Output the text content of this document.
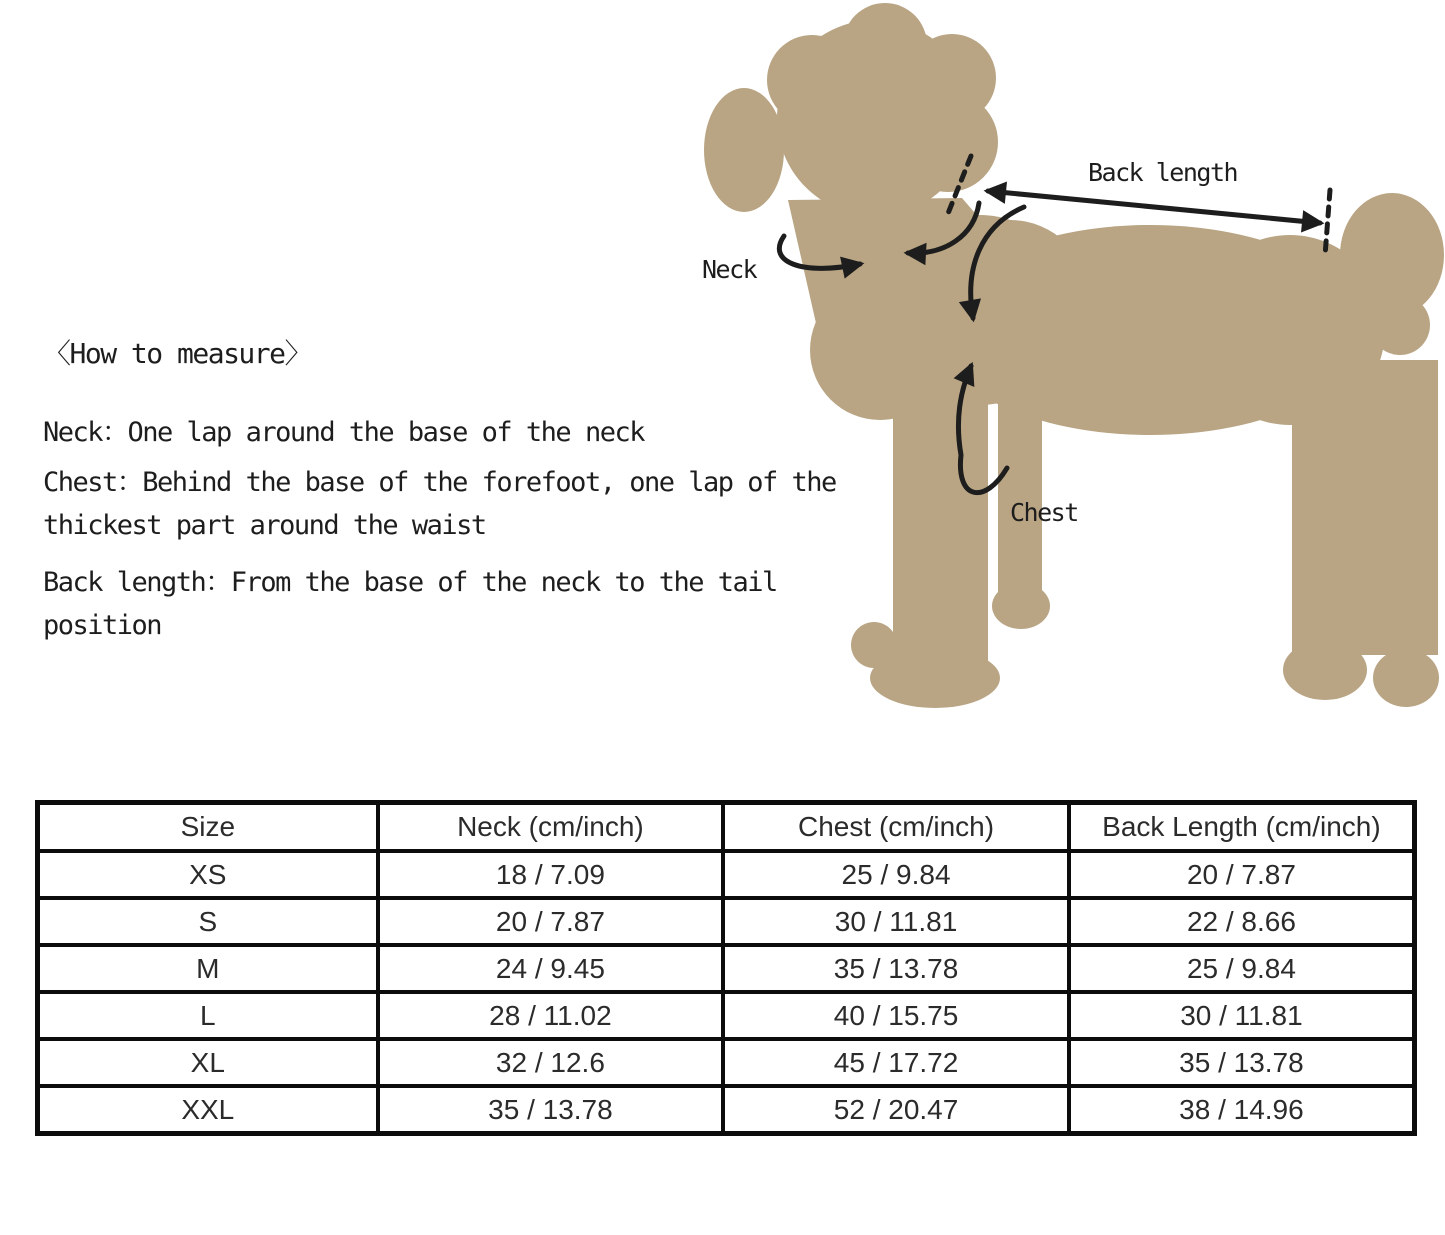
〈How to measure〉
Neck：One lap around the base of the neck
Chest：Behind the base of the forefoot, one lap of the
thickest part around the waist
Back length：From the base of the neck to the tail
position
Back length
Neck
Chest
Size	Neck (cm/inch)	Chest (cm/inch)	Back Length (cm/inch)
XS	18 / 7.09	25 / 9.84	20 / 7.87
S	20 / 7.87	30 / 11.81	22 / 8.66
M	24 / 9.45	35 / 13.78	25 / 9.84
L	28 / 11.02	40 / 15.75	30 / 11.81
XL	32 / 12.6	45 / 17.72	35 / 13.78
XXL	35 / 13.78	52 / 20.47	38 / 14.96
